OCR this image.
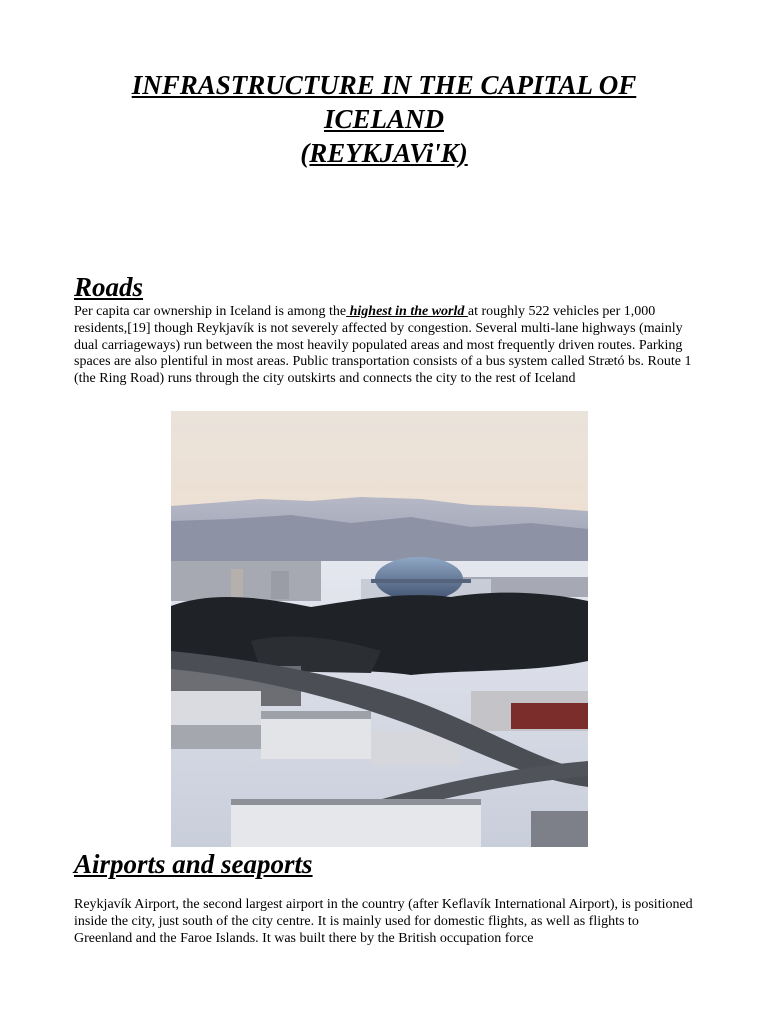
INFRASTRUCTURE IN THE CAPITAL OF
ICELAND
(REYKJAVi'K)
Roads

Per capita car ownership in Iceland is among the highest in the world at roughly 522 vehicles per 1,000 residents,[19] though Reykjavík is not severely affected by congestion. Several multi-lane highways (mainly dual carriageways) run between the most heavily populated areas and most frequently driven routes. Parking spaces are also plentiful in most areas. Public transportation consists of a bus system called Strætó bs. Route 1 (the Ring Road) runs through the city outskirts and connects the city to the rest of Iceland

Airports and seaports

Reykjavík Airport, the second largest airport in the country (after Keflavík International Airport), is positioned inside the city, just south of the city centre. It is mainly used for domestic flights, as well as flights to Greenland and the Faroe Islands. It was built there by the British occupation force
